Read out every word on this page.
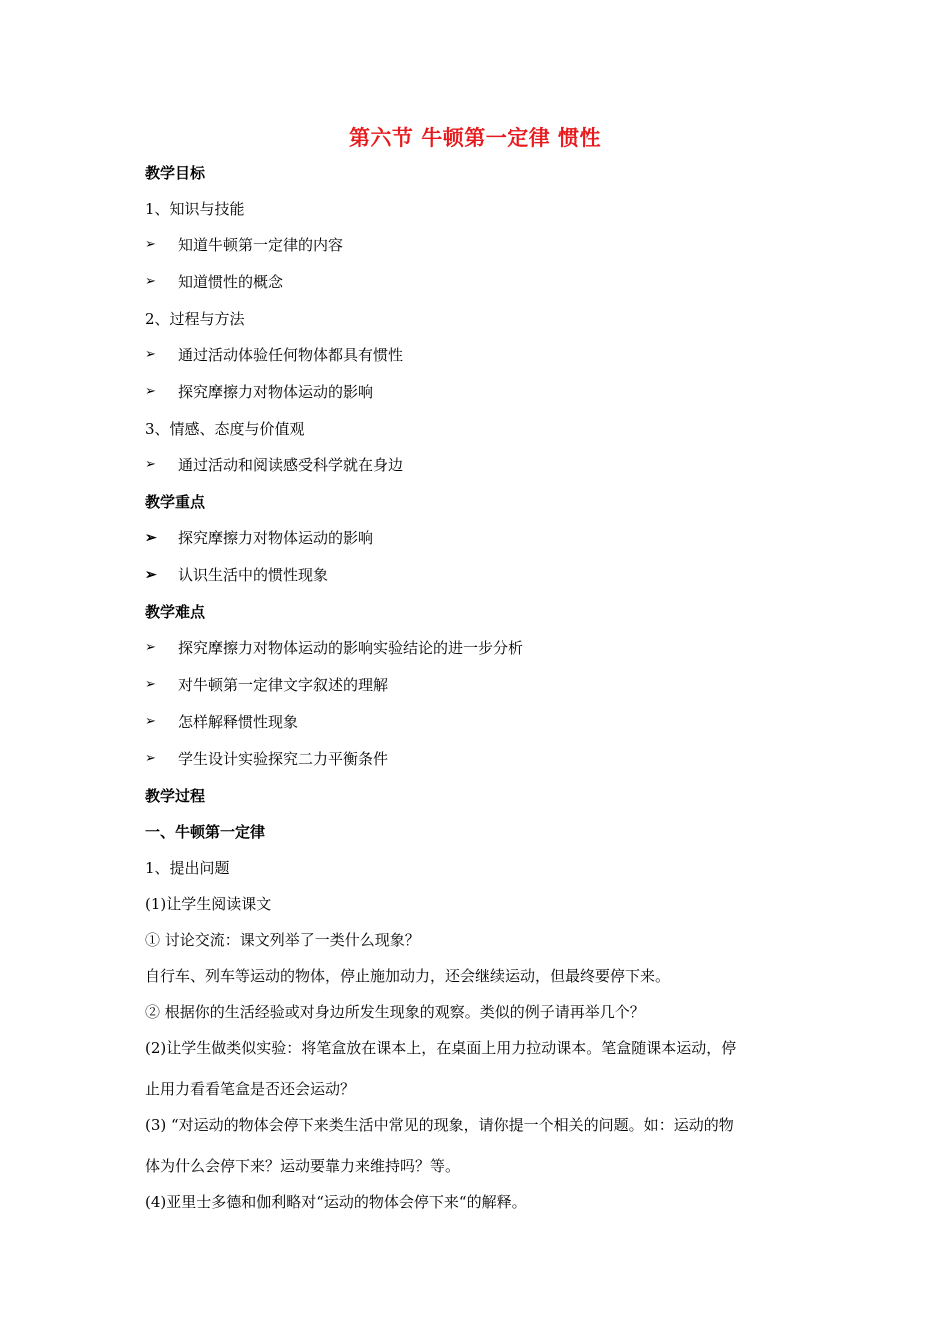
第六节 牛顿第一定律 惯性
教学目标
1、知识与技能
➢ 知道牛顿第一定律的内容
➢ 知道惯性的概念
2、过程与方法
➢ 通过活动体验任何物体都具有惯性
➢ 探究摩擦力对物体运动的影响
3、情感、态度与价值观
➢ 通过活动和阅读感受科学就在身边
教学重点
➢ 探究摩擦力对物体运动的影响
➢ 认识生活中的惯性现象
教学难点
➢ 探究摩擦力对物体运动的影响实验结论的进一步分析
➢ 对牛顿第一定律文字叙述的理解
➢ 怎样解释惯性现象
➢ 学生设计实验探究二力平衡条件
教学过程
一、牛顿第一定律
1、提出问题
(1)让学生阅读课文
① 讨论交流：课文列举了一类什么现象？
自行车、列车等运动的物体，停止施加动力，还会继续运动，但最终要停下来。
② 根据你的生活经验或对身边所发生现象的观察。类似的例子请再举几个？
(2)让学生做类似实验：将笔盒放在课本上，在桌面上用力拉动课本。笔盒随课本运动，停
止用力看看笔盒是否还会运动？
(3) “对运动的物体会停下来类生活中常见的现象，请你提一个相关的问题。如：运动的物
体为什么会停下来？运动要靠力来维持吗？等。
(4)亚里士多德和伽利略对“运动的物体会停下来“的解释。
